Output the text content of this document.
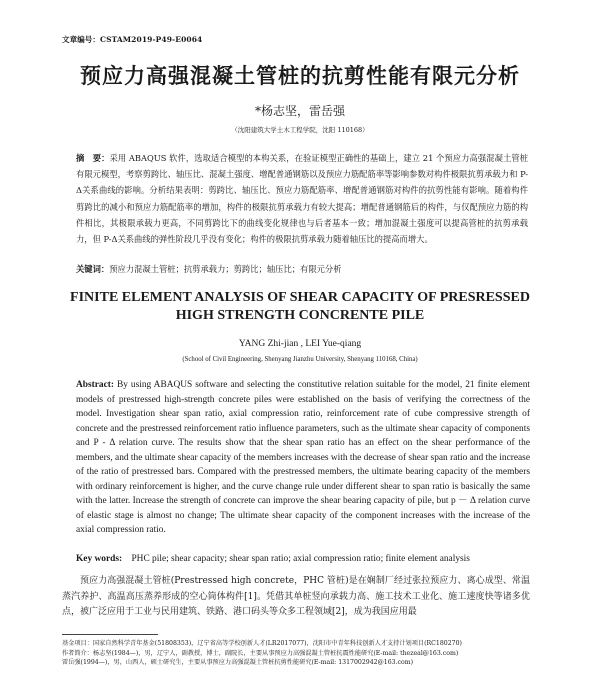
文章编号：CSTAM2019-P49-E0064
预应力高强混凝土管桩的抗剪性能有限元分析
*杨志坚，雷岳强
（沈阳建筑大学土木工程学院，沈阳 110168）
摘　要：采用 ABAQUS 软件，选取适合模型的本构关系，在验证模型正确性的基础上，建立 21 个预应力高强混凝土管桩有限元模型，考察剪跨比、轴压比、混凝土强度、增配普通钢筋以及预应力筋配筋率等影响参数对构件极限抗剪承载力和 P-Δ关系曲线的影响。分析结果表明：剪跨比、轴压比、预应力筋配筋率、增配普通钢筋对构件的抗剪性能有影响。随着构件剪跨比的减小和预应力筋配筋率的增加，构件的极限抗剪承载力有较大提高；增配普通钢筋后的构件，与仅配预应力筋的构件相比，其极限承载力更高，不同剪跨比下的曲线变化规律也与后者基本一致；增加混凝土强度可以提高管桩的抗剪承载力，但 P-Δ关系曲线的弹性阶段几乎没有变化；构件的极限抗剪承载力随着轴压比的提高而增大。
关键词：预应力混凝土管桩；抗剪承载力；剪跨比；轴压比；有限元分析
FINITE ELEMENT ANALYSIS OF SHEAR CAPACITY OF PRESRESSED
HIGH STRENGTH CONCRENTE PILE
YANG Zhi-jian , LEI Yue-qiang
(School of Civil Engineering, Shenyang Jianzhu University, Shenyang 110168, China)
Abstract: By using ABAQUS software and selecting the constitutive relation suitable for the model, 21 finite element models of prestressed high-strength concrete piles were established on the basis of verifying the correctness of the model. Investigation shear span ratio, axial compression ratio, reinforcement rate of cube compressive strength of concrete and the prestressed reinforcement ratio influence parameters, such as the ultimate shear capacity of components and P - Δ relation curve. The results show that the shear span ratio has an effect on the shear performance of the members, and the ultimate shear capacity of the members increases with the decrease of shear span ratio and the increase of the ratio of prestressed bars. Compared with the prestressed members, the ultimate bearing capacity of the members with ordinary reinforcement is higher, and the curve change rule under different shear to span ratio is basically the same with the latter. Increase the strength of concrete can improve the shear bearing capacity of pile, but p － Δ relation curve of elastic stage is almost no change; The ultimate shear capacity of the component increases with the increase of the axial compression ratio.
Key words:　PHC pile; shear capacity; shear span ratio; axial compression ratio; finite element analysis
预应力高强混凝土管桩(Prestressed high concrete，PHC 管桩)是在娴制厂经过张拉预应力、离心成型、常温蒸汽养护、高温高压蒸养形成的空心筒体构件[1]。凭借其单桩竖向承载力高、施工技术工业化、施工速度快等诸多优点，被广泛应用于工业与民用建筑、铁路、港口码头等众多工程领域[2]，成为我国应用最
基金项目：国家自然科学青年基金(51808353)，辽宁省高等学校创新人才(LR2017077)，沈阳市中青年科技创新人才支持计划项目(RC180270)
作者简介：杨志坚(1984—)，男，辽宁人，副教授，博士，副院长，主要从事预应力高强混凝土管桩抗震性能研究(E-mail: thezeal@163.com)
雷岳强(1994—)，男，山西人，硕士研究生，主要从事预应力高强混凝土管桩抗剪性能研究(E-mail: 1317002942@163.com)
